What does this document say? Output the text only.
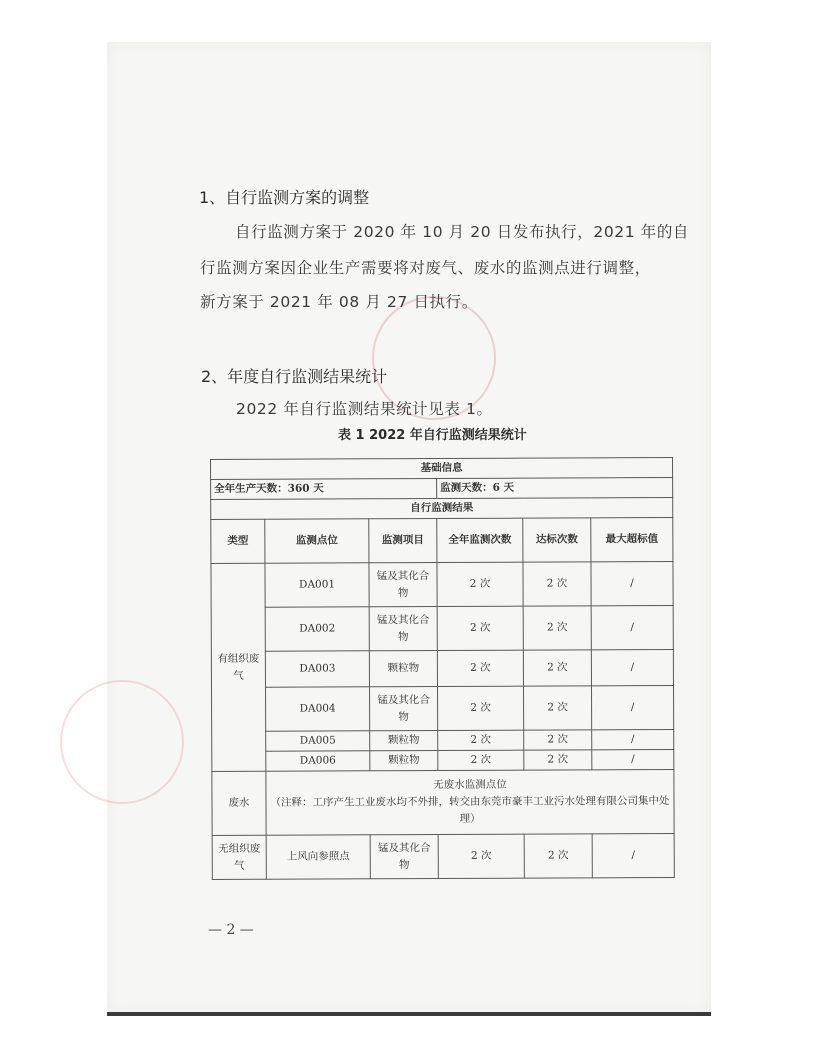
1、自行监测方案的调整
自行监测方案于 2020 年 10 月 20 日发布执行，2021 年的自
行监测方案因企业生产需要将对废气、废水的监测点进行调整，
新方案于 2021 年 08 月 27 日执行。
2、年度自行监测结果统计
2022 年自行监测结果统计见表 1。
表 1 2022 年自行监测结果统计
基础信息					
全年生产天数：360 天			监测天数：6 天		
自行监测结果					
类型	监测点位	监测项目	全年监测次数	达标次数	最大超标值
有组织废气	DA001	锰及其化合物	2 次	2 次	/
	DA002	锰及其化合物	2 次	2 次	/
	DA003	颗粒物	2 次	2 次	/
	DA004	锰及其化合物	2 次	2 次	/
	DA005	颗粒物	2 次	2 次	/
	DA006	颗粒物	2 次	2 次	/
废水	无废水监测点位
（注释：工序产生工业废水均不外排，转交由东莞市豪丰工业污水处理有限公司集中处理）				

无组织废气	上风向参照点	锰及其化合物	2 次	2 次	/
— 2 —
